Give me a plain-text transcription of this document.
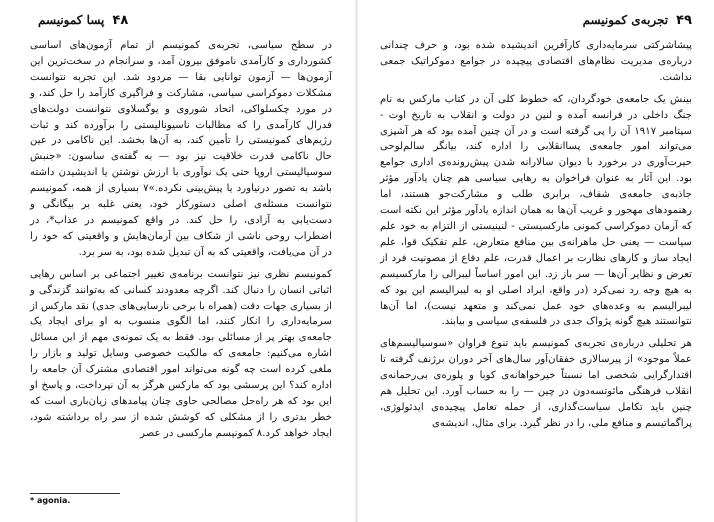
۴۸
پسا کمونیسم

در سطح سیاسی، تجربه‌ی کمونیسم از تمام آزمون‌های اساسی کشورداری و کارآمدی ناموفق بیرون آمد، و سرانجام در سخت‌ترین این آزمون‌ها — آزمون توانایی بقا — مردود شد. این تجربه نتوانست مشکلات دموکراسی سیاسی، مشارکت و فراگیری کارآمد را حل کند، و در مورد چکسلواکی، اتحاد شوروی و یوگسلاوی نتوانست دولت‌های فدرال کارآمدی را که مطالبات ناسیونالیستی را برآورده کند و ثبات رژیم‌های کمونیستی را تأمین کند، به آن‌ها بخشد. این ناکامی در عین حال ناکامی قدرت خلاقیت نیز بود — به گفته‌ی ساسون: «جنبش سوسیالیستی اروپا حتی یک نوآوری با ارزش نوشتن یا اندیشیدن داشته باشد به تصور درنیاورد یا پیش‌بینی نکرده.»۷ بسیاری از همه، کمونیسم نتوانست مسئله‌ی اصلی دستورکار خود، یعنی غلبه بر بیگانگی و دست‌یابی به آزادی، را حل کند. در واقع کمونیسم در عذاب*، در اضطراب روحی ناشی از شکاف بین آرمان‌هایش و واقعیتی که خود را در آن می‌یافت، واقعیتی که به آن تبدیل شده بود، به سر برد.

کمونیسم نظری نیز نتوانست برنامه‌ی تغییر اجتماعی بر اساس رهایی اثباتی انسان را دنبال کند. اگرچه معدودند کسانی که به‌توانند گزندگی و از بسیاری جهات دقت (همراه با برخی نارسایی‌های جدی) نقد مارکس از سرمایه‌داری را انکار کنند، اما الگوی منسوب به او برای ایجاد یک جامعه‌ی بهتر پر از مسائلی بود. فقط به یک نمونه‌ی مهم از این مسائل اشاره می‌کنیم: جامعه‌ی که مالکیت خصوصی وسایل تولید و بازار را ملغی کرده است چه گونه می‌تواند امور اقتصادی مشترک آن جامعه را اداره کند؟ این پرسشی بود که مارکس هرگز به آن نپرداخت، و پاسخ او این بود که هر راه‌حل مصالحی حاوی چنان پیامدهای زیان‌باری است که خطر بدتری را از مشکلی که کوشش شده از سر راه برداشته شود، ایجاد خواهد کرد.۸ کمونیسم مارکسی در عصر

* agonia.
۴۹
تجربه‌ی کمونیسم

پیشاشرکتی سرمایه‌داری کارآفرین اندیشیده شده بود، و حرف چندانی درباره‌ی مدیریت نظام‌های اقتصادی پیچیده در جوامع دموکراتیک جمعی نداشت.

بینش یک جامعه‌ی خودگردان، که خطوط کلی آن در کتاب مارکس به نام جنگ داخلی در فرانسه آمده و لنین در دولت و انقلاب به تاریخ اوت - سپتامبر ۱۹۱۷ آن را پی گرفته است و در آن چنین آمده بود که هر آشپزی می‌تواند امور جامعه‌ی پساانقلابی را اداره کند، بیانگر سالم‌لوحی حیرت‌آوری در برخورد با دیوان سالارانه شدن پیش‌رونده‌ی اداری جوامع بود. این آثار به عنوان فراخوان به رهایی سیاسی هم چنان یادآور مؤثر جاذبه‌ی جامعه‌ی شفاف، برابری طلب و مشارکت‌جو هستند، اما رهنمودهای مهجور و غریب آن‌ها به همان اندازه یادآور مؤثر این نکته است که آرمان دموکراسی کمونی مارکسیستی - لنینیستی از التزام به خود علم سیاست — یعنی حل ماهرانه‌ی بین منافع متعارض، علم تفکیک قوا، علم ایجاد ساز و کارهای نظارت بر اعمال قدرت، علم دفاع از مصونیت فرد از تعرض و نظایر آن‌ها — سر باز زد. این امور اساساً لیبرالی را مارکسیسم به هیچ وجه رد نمی‌کرد (در واقع، ایراد اصلی او به لیبرالیسم این بود که لیبرالیسم به وعده‌های خود عمل نمی‌کند و متعهد نیست)، اما آن‌ها نتوانستند هیچ گونه پژواک جدی در فلسفه‌ی سیاسی و بیابند.

هر تحلیلی درباره‌ی تجربه‌ی کمونیسم باید تنوع فراوان «سوسیالیسم‌های عملاً موجود» از پیرسالاری خفقان‌آور سال‌های آخر دوران برژنف گرفته تا اقتدارگرایی شخصی اما نسبتاً خیرخواهانه‌ی کوبا و پلوره‌ی بی‌رحمانه‌ی انقلاب فرهنگی مائوتسه‌دون در چین — را به حساب آورد. این تحلیل هم چنین باید تکامل سیاست‌گذاری، از جمله تعامل پیچیده‌ی ایدئولوژی، پراگماتیسم و منافع ملی، را در نظر گیرد. برای مثال، اندیشه‌ی
